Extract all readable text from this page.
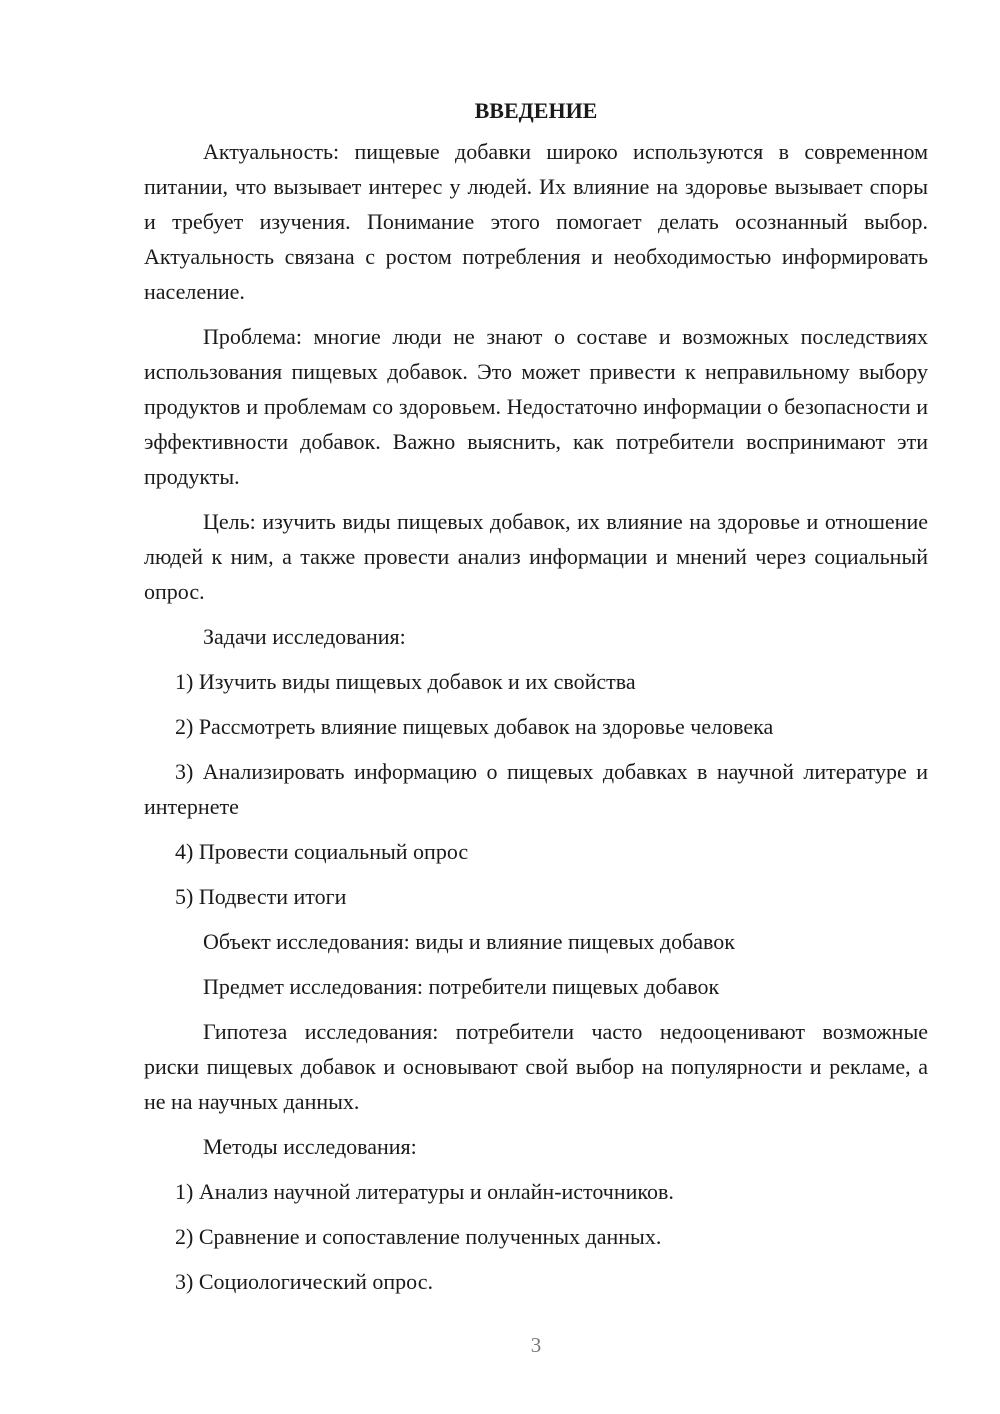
ВВЕДЕНИЕ

Актуальность: пищевые добавки широко используются в современном питании, что вызывает интерес у людей. Их влияние на здоровье вызывает споры и требует изучения. Понимание этого помогает делать осознанный выбор. Актуальность связана с ростом потребления и необходимостью информировать население.

Проблема: многие люди не знают о составе и возможных последствиях использования пищевых добавок. Это может привести к неправильному выбору продуктов и проблемам со здоровьем. Недостаточно информации о безопасности и эффективности добавок. Важно выяснить, как потребители воспринимают эти продукты.

Цель: изучить виды пищевых добавок, их влияние на здоровье и отношение людей к ним, а также провести анализ информации и мнений через социальный опрос.

Задачи исследования:

1) Изучить виды пищевых добавок и их свойства

2) Рассмотреть влияние пищевых добавок на здоровье человека

3) Анализировать информацию о пищевых добавках в научной литературе и интернете

4) Провести социальный опрос

5) Подвести итоги

Объект исследования: виды и влияние пищевых добавок

Предмет исследования: потребители пищевых добавок

Гипотеза исследования: потребители часто недооценивают возможные риски пищевых добавок и основывают свой выбор на популярности и рекламе, а не на научных данных.

Методы исследования:

1) Анализ научной литературы и онлайн-источников.

2) Сравнение и сопоставление полученных данных.

3) Социологический опрос.

3
